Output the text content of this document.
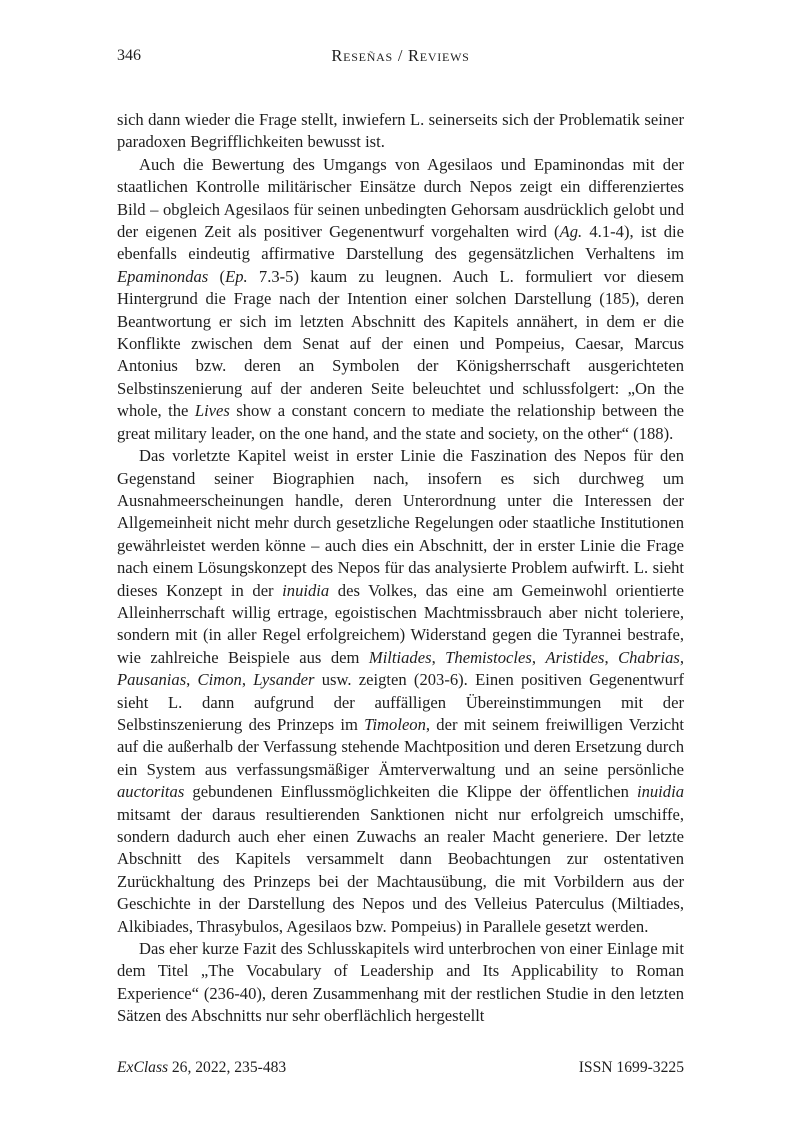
346	Reseñas / Reviews

sich dann wieder die Frage stellt, inwiefern L. seinerseits sich der Problematik seiner paradoxen Begrifflichkeiten bewusst ist.

Auch die Bewertung des Umgangs von Agesilaos und Epaminondas mit der staatlichen Kontrolle militärischer Einsätze durch Nepos zeigt ein differenziertes Bild – obgleich Agesilaos für seinen unbedingten Gehorsam ausdrücklich gelobt und der eigenen Zeit als positiver Gegenentwurf vorgehalten wird (Ag. 4.1-4), ist die ebenfalls eindeutig affirmative Darstellung des gegensätzlichen Verhaltens im Epaminondas (Ep. 7.3-5) kaum zu leugnen. Auch L. formuliert vor diesem Hintergrund die Frage nach der Intention einer solchen Darstellung (185), deren Beantwortung er sich im letzten Abschnitt des Kapitels annähert, in dem er die Konflikte zwischen dem Senat auf der einen und Pompeius, Caesar, Marcus Antonius bzw. deren an Symbolen der Königsherrschaft ausgerichteten Selbstinszenierung auf der anderen Seite beleuchtet und schlussfolgert: „On the whole, the Lives show a constant concern to mediate the relationship between the great military leader, on the one hand, and the state and society, on the other“ (188).

Das vorletzte Kapitel weist in erster Linie die Faszination des Nepos für den Gegenstand seiner Biographien nach, insofern es sich durchweg um Ausnahmeerscheinungen handle, deren Unterordnung unter die Interessen der Allgemeinheit nicht mehr durch gesetzliche Regelungen oder staatliche Institutionen gewährleistet werden könne – auch dies ein Abschnitt, der in erster Linie die Frage nach einem Lösungskonzept des Nepos für das analysierte Problem aufwirft. L. sieht dieses Konzept in der inuidia des Volkes, das eine am Gemeinwohl orientierte Alleinherrschaft willig ertrage, egoistischen Machtmissbrauch aber nicht toleriere, sondern mit (in aller Regel erfolgreichem) Widerstand gegen die Tyrannei bestrafe, wie zahlreiche Beispiele aus dem Miltiades, Themistocles, Aristides, Chabrias, Pausanias, Cimon, Lysander usw. zeigten (203-6). Einen positiven Gegenentwurf sieht L. dann aufgrund der auffälligen Übereinstimmungen mit der Selbstinszenierung des Prinzeps im Timoleon, der mit seinem freiwilligen Verzicht auf die außerhalb der Verfassung stehende Machtposition und deren Ersetzung durch ein System aus verfassungsmäßiger Ämterverwaltung und an seine persönliche auctoritas gebundenen Einflussmöglichkeiten die Klippe der öffentlichen inuidia mitsamt der daraus resultierenden Sanktionen nicht nur erfolgreich umschiffe, sondern dadurch auch eher einen Zuwachs an realer Macht generiere. Der letzte Abschnitt des Kapitels versammelt dann Beobachtungen zur ostentativen Zurückhaltung des Prinzeps bei der Machtausübung, die mit Vorbildern aus der Geschichte in der Darstellung des Nepos und des Velleius Paterculus (Miltiades, Alkibiades, Thrasybulos, Agesilaos bzw. Pompeius) in Parallele gesetzt werden.

Das eher kurze Fazit des Schlusskapitels wird unterbrochen von einer Einlage mit dem Titel „The Vocabulary of Leadership and Its Applicability to Roman Experience“ (236-40), deren Zusammenhang mit der restlichen Studie in den letzten Sätzen des Abschnitts nur sehr oberflächlich hergestellt

ExClass 26, 2022, 235-483	ISSN 1699-3225
